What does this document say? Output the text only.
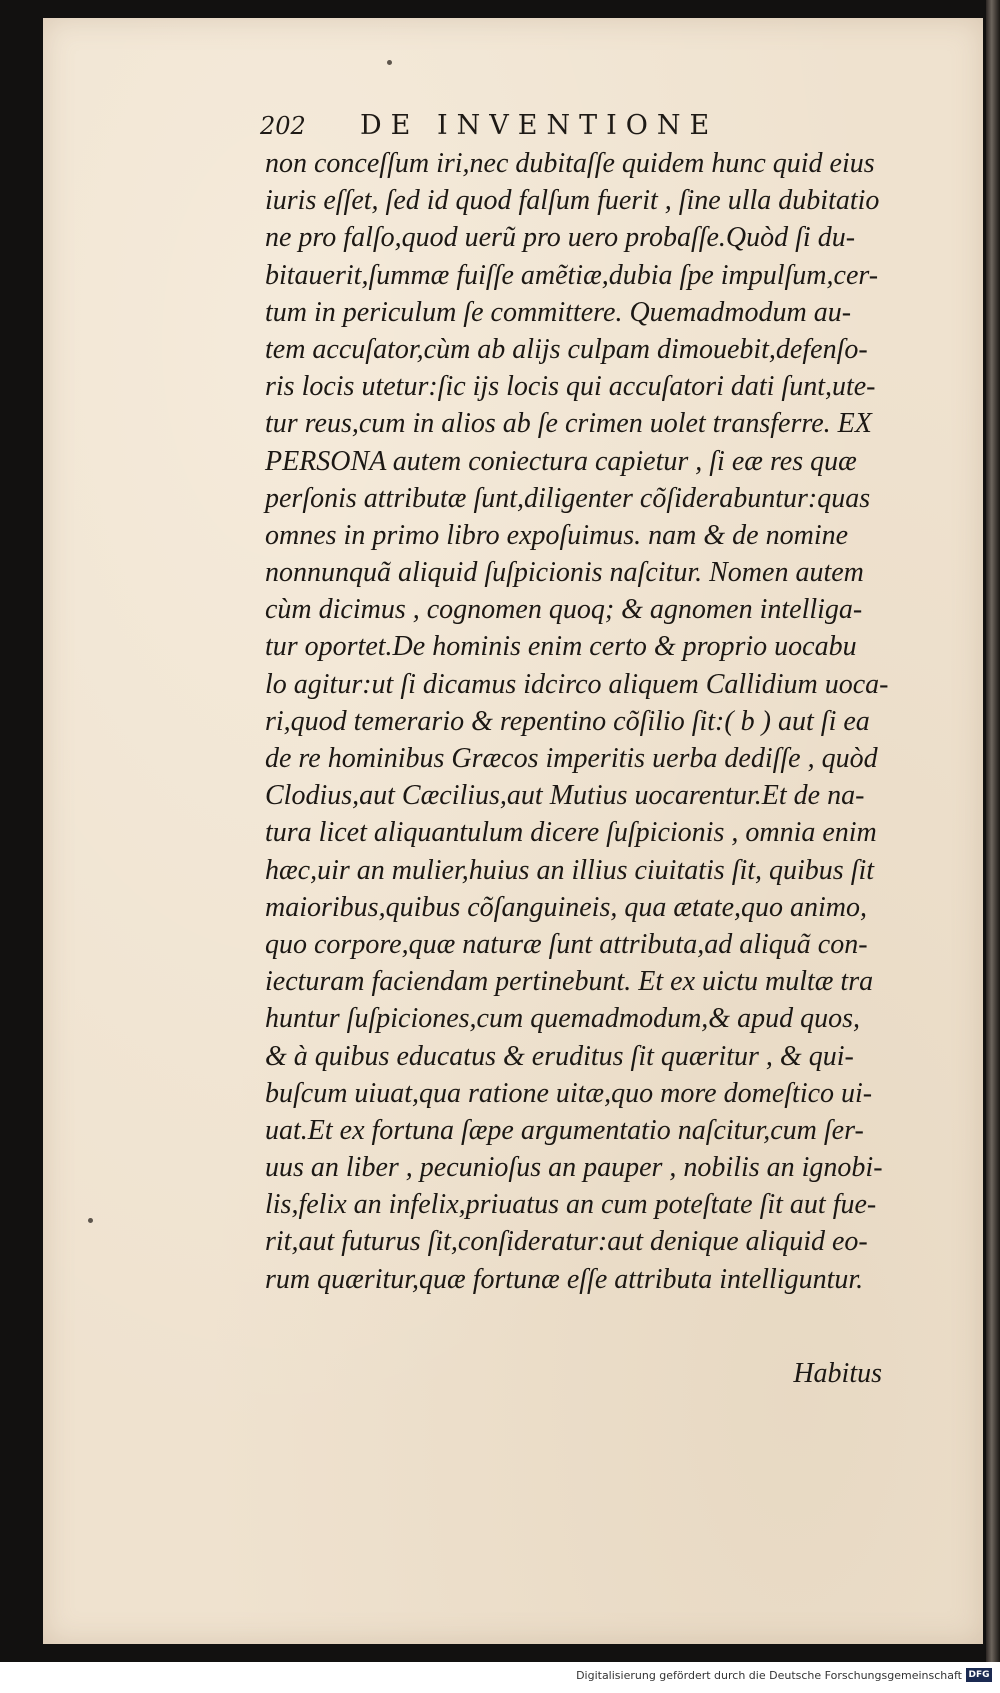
202 DE INVENTIONE
non conceſſum iri,nec dubitaſſe quidem hunc quid eius
iuris eſſet, ſed id quod falſum fuerit , ſine ulla dubitatio
ne pro falſo,quod uerũ pro uero probaſſe.Quòd ſi du-
bitauerit,ſummæ fuiſſe amẽtiæ,dubia ſpe impulſum,cer-
tum in periculum ſe committere. Quemadmodum au-
tem accuſator,cùm ab alijs culpam dimouebit,defenſo-
ris locis utetur:ſic ijs locis qui accuſatori dati ſunt,ute-
tur reus,cum in alios ab ſe crimen uolet transferre. EX
PERSONA autem coniectura capietur , ſi eæ res quæ
perſonis attributæ ſunt,diligenter cõſiderabuntur:quas
omnes in primo libro expoſuimus. nam & de nomine
nonnunquã aliquid ſuſpicionis naſcitur. Nomen autem
cùm dicimus , cognomen quoq; & agnomen intelliga-
tur oportet.De hominis enim certo & proprio uocabu
lo agitur:ut ſi dicamus idcirco aliquem Callidium uoca-
ri,quod temerario & repentino cõſilio ſit:( b ) aut ſi ea
de re hominibus Græcos imperitis uerba dediſſe , quòd
Clodius,aut Cæcilius,aut Mutius uocarentur.Et de na-
tura licet aliquantulum dicere ſuſpicionis , omnia enim
hæc,uir an mulier,huius an illius ciuitatis ſit, quibus ſit
maioribus,quibus cõſanguineis, qua ætate,quo animo,
quo corpore,quæ naturæ ſunt attributa,ad aliquã con-
iecturam faciendam pertinebunt. Et ex uictu multæ tra
huntur ſuſpiciones,cum quemadmodum,& apud quos,
& à quibus educatus & eruditus ſit quæritur , & qui-
buſcum uiuat,qua ratione uitæ,quo more domeſtico ui-
uat.Et ex fortuna ſæpe argumentatio naſcitur,cum ſer-
uus an liber , pecunioſus an pauper , nobilis an ignobi-
lis,felix an infelix,priuatus an cum poteſtate ſit aut fue-
rit,aut futurus ſit,conſideratur:aut denique aliquid eo-
rum quæritur,quæ fortunæ eſſe attributa intelliguntur.
Habitus
Digitalisierung gefördert durch die Deutsche Forschungsgemeinschaft DFG
